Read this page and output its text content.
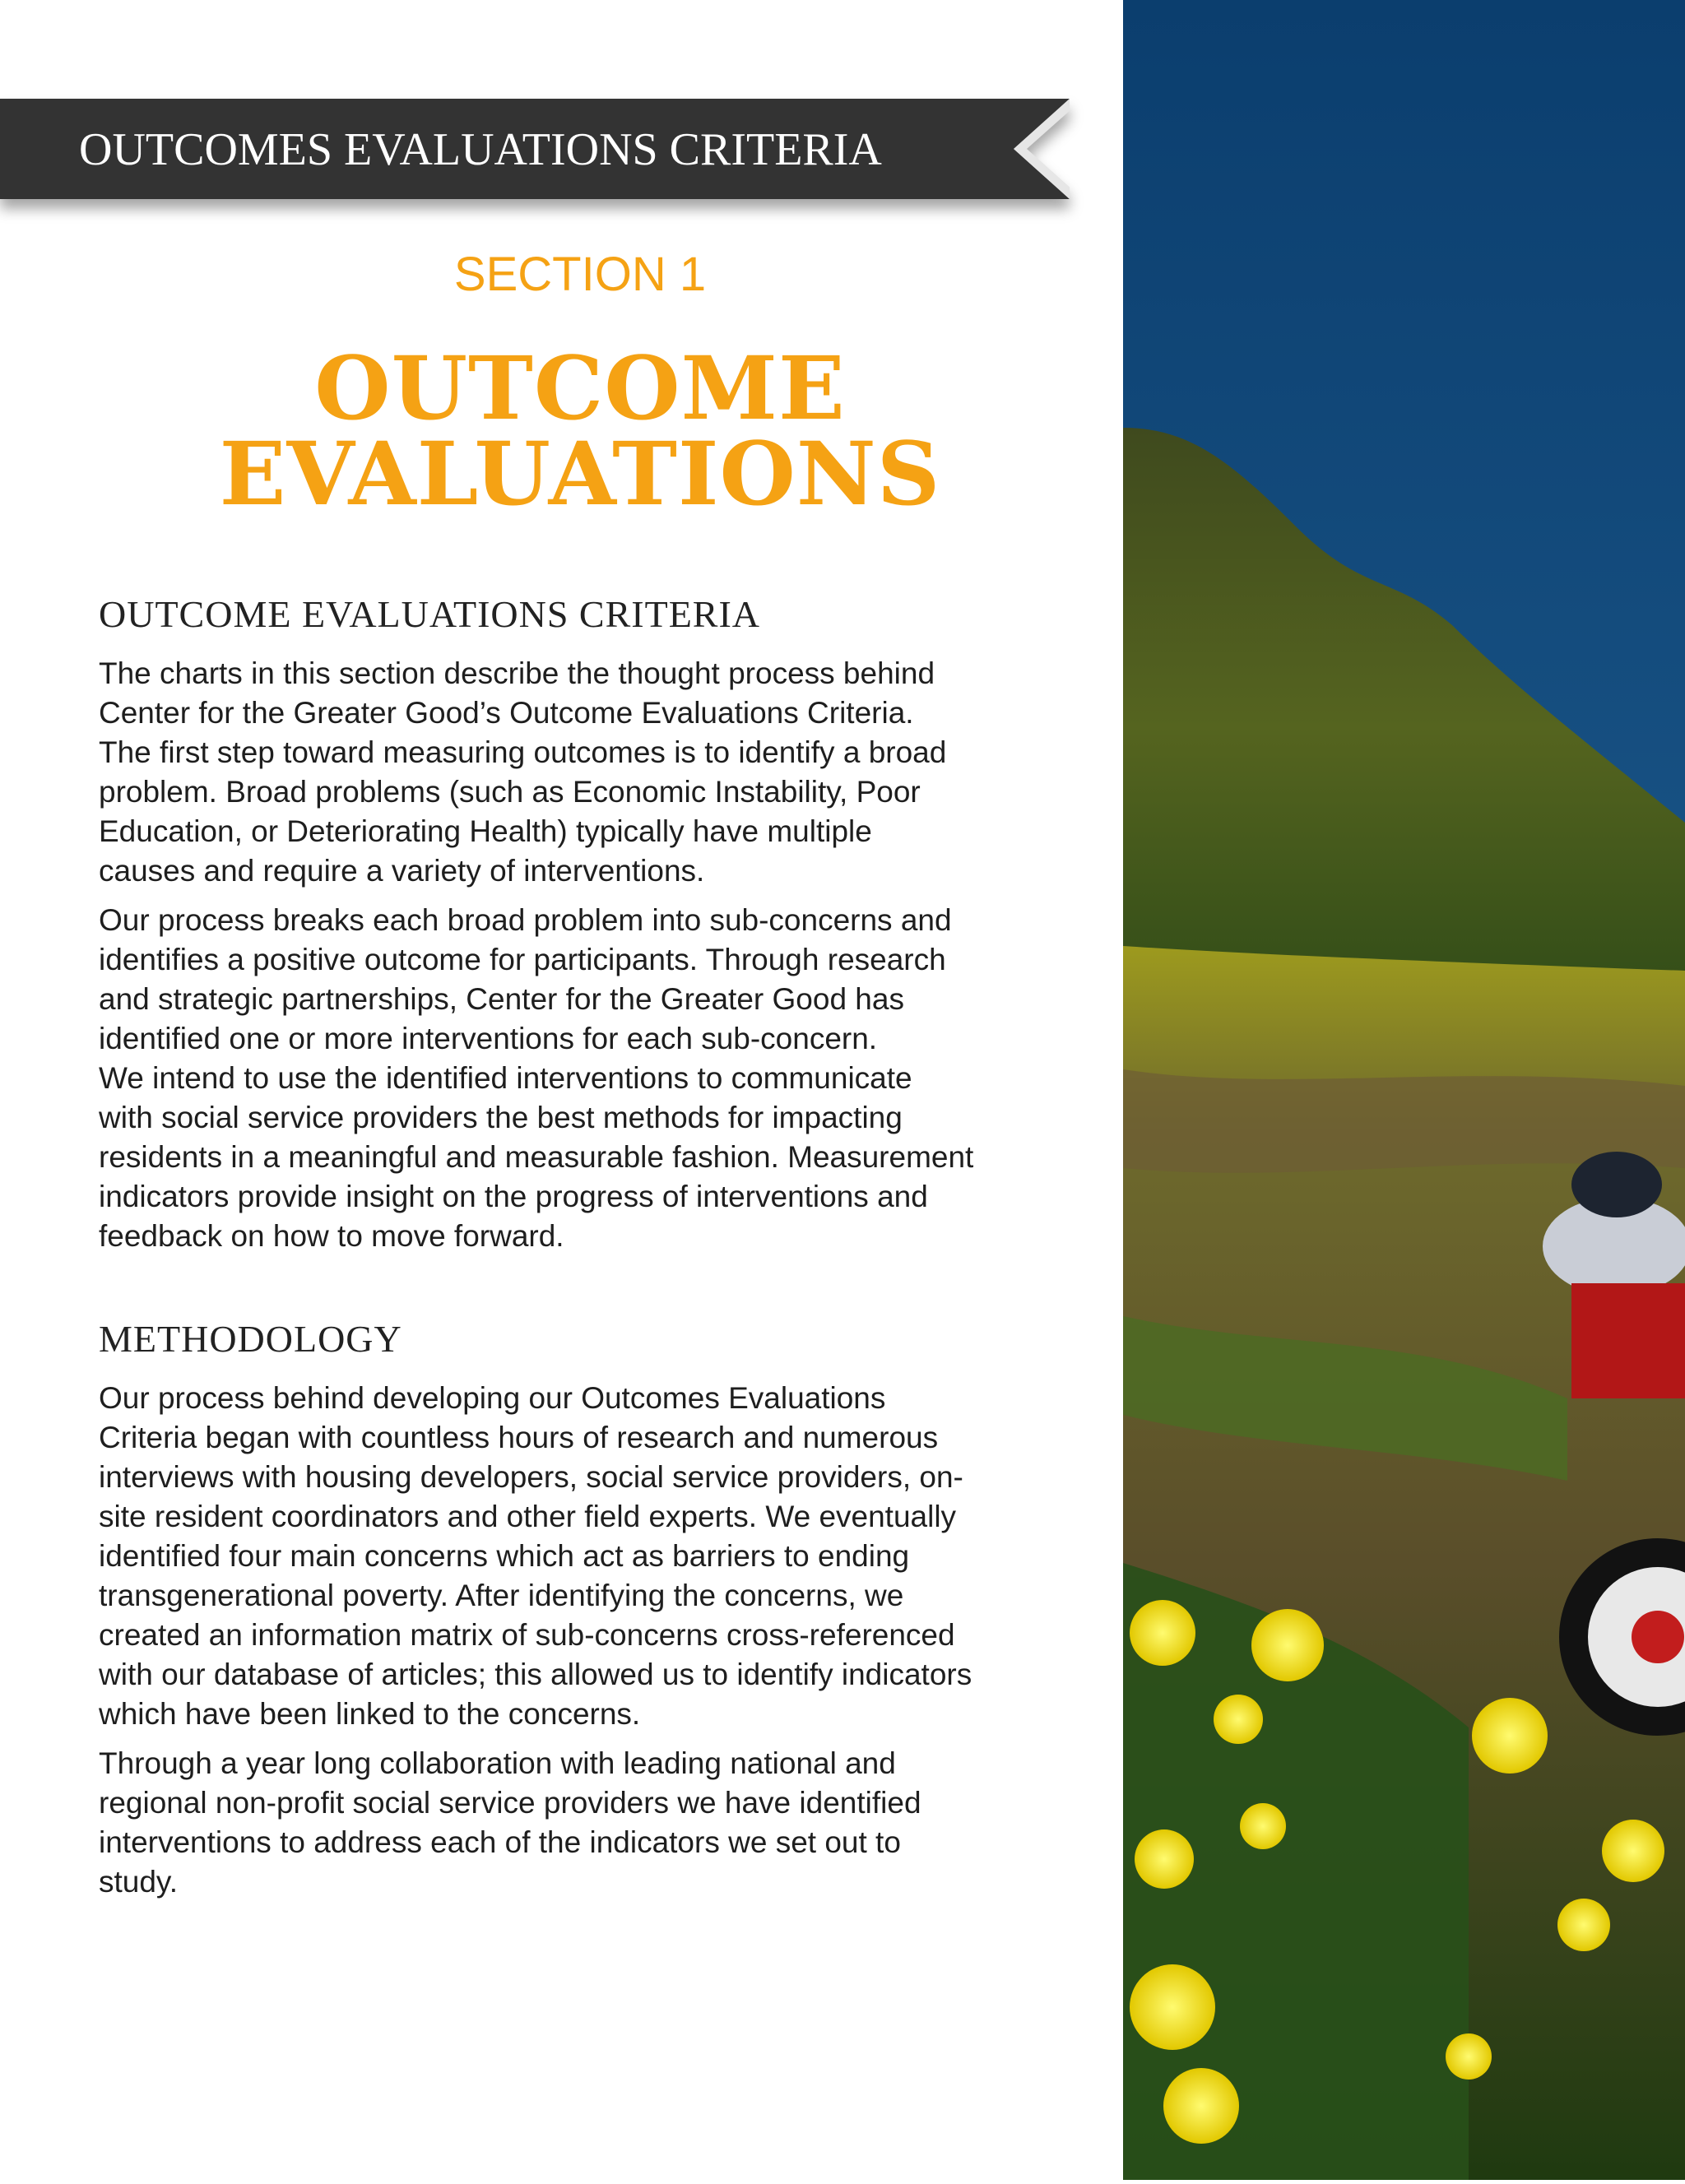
OUTCOMES EVALUATIONS CRITERIA
SECTION 1
OUTCOME
EVALUATIONS
OUTCOME EVALUATIONS CRITERIA
The charts in this section describe the thought process behind
Center for the Greater Good’s Outcome Evaluations Criteria.
The first step toward measuring outcomes is to identify a broad
problem. Broad problems (such as Economic Instability, Poor
Education, or Deteriorating Health) typically have multiple
causes and require a variety of interventions.
Our process breaks each broad problem into sub-concerns and
identifies a positive outcome for participants. Through research
and strategic partnerships, Center for the Greater Good has
identified one or more interventions for each sub-concern.
We intend to use the identified interventions to communicate
with social service providers the best methods for impacting
residents in a meaningful and measurable fashion. Measurement
indicators provide insight on the progress of interventions and
feedback on how to move forward.
METHODOLOGY
Our process behind developing our Outcomes Evaluations
Criteria began with countless hours of research and numerous
interviews with housing developers, social service providers, on-
site resident coordinators and other field experts. We eventually
identified four main concerns which act as barriers to ending
transgenerational poverty. After identifying the concerns, we
created an information matrix of sub-concerns cross-referenced
with our database of articles; this allowed us to identify indicators
which have been linked to the concerns.
Through a year long collaboration with leading national and
regional non-profit social service providers we have identified
interventions to address each of the indicators we set out to
study.
